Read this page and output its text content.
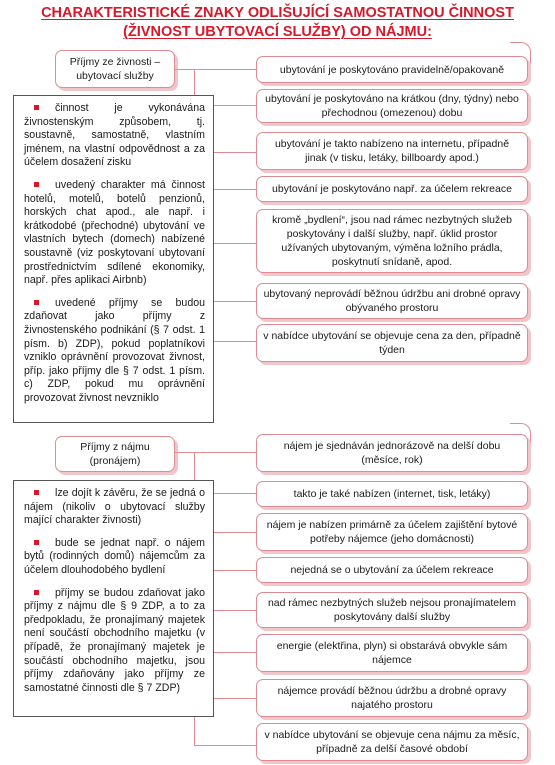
CHARAKTERISTICKÉ ZNAKY ODLIŠUJÍCÍ SAMOSTATNOU ČINNOST
(ŽIVNOST UBYTOVACÍ SLUŽBY) OD NÁJMU:
Příjmy ze živnosti – ubytovací služby

činnost je vykonávána živnostenským způsobem, tj. soustavně, samostatně, vlastním jménem, na vlastní odpovědnost a za účelem dosažení zisku

uvedený charakter má činnost hotelů, motelů, botelů penzionů, horských chat apod., ale např. i krátkodobé (přechodné) ubytování ve vlastních bytech (domech) nabízené soustavně (viz poskytovaní ubytovaní prostřednictvím sdílené ekonomiky, např. přes aplikaci Airbnb)

uvedené příjmy se budou zdaňovat jako příjmy z živnostenského podnikání (§ 7 odst. 1 písm. b) ZDP), pokud poplatníkovi vzniklo oprávnění provozovat živnost, příp. jako příjmy dle § 7 odst. 1 písm. c) ZDP, pokud mu oprávnění provozovat živnost nevzniklo

ubytování je poskytováno pravidelně/opakovaně
ubytování je poskytováno na krátkou (dny, týdny) nebo přechodnou (omezenou) dobu
ubytování je takto nabízeno na internetu, případně jinak (v tisku, letáky, billboardy apod.)
ubytování je poskytováno např. za účelem rekreace
kromě „bydlení“, jsou nad rámec nezbytných služeb poskytovány i další služby, např. úklid prostor užívaných ubytovaným, výměna ložního prádla, poskytnutí snídaně, apod.
ubytovaný neprovádí běžnou údržbu ani drobné opravy obývaného prostoru
v nabídce ubytování se objevuje cena za den, případně týden
Příjmy z nájmu (pronájem)

lze dojít k závěru, že se jedná o nájem (nikoliv o ubytovací služby mající charakter živnosti)

bude se jednat např. o nájem bytů (rodinných domů) nájemcům za účelem dlouhodobého bydlení

příjmy se budou zdaňovat jako příjmy z nájmu dle § 9 ZDP, a to za předpokladu, že pronajímaný majetek není součástí obchodního majetku (v případě, že pronajímaný majetek je součástí obchodního majetku, jsou příjmy zdaňovány jako příjmy ze samostatné činnosti dle § 7 ZDP)

nájem je sjednáván jednorázově na delší dobu (měsíce, rok)
takto je také nabízen (internet, tisk, letáky)
nájem je nabízen primárně za účelem zajištění bytové potřeby nájemce (jeho domácnosti)
nejedná se o ubytování za účelem rekreace
nad rámec nezbytných služeb nejsou pronajímatelem poskytovány další služby
energie (elektřina, plyn) si obstarává obvykle sám nájemce
nájemce provádí běžnou údržbu a drobné opravy najatého prostoru
v nabídce ubytování se objevuje cena nájmu za měsíc, případně za delší časové období
